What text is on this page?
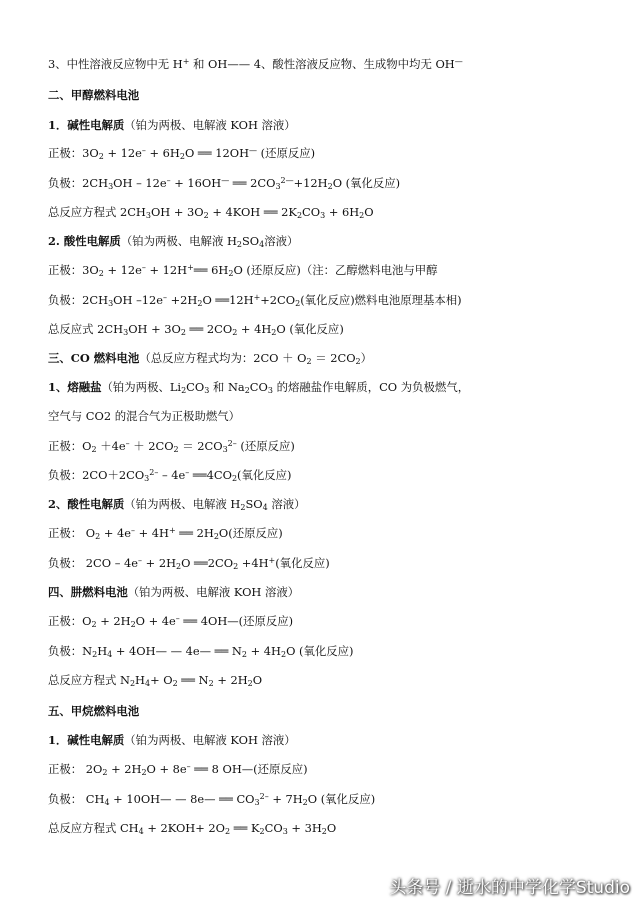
3、中性溶液反应物中无 H+ 和 OH—— 4、酸性溶液反应物、生成物中均无 OH—
二、甲醇燃料电池
1．碱性电解质（铂为两极、电解液 KOH 溶液）
正极：$3O_2 + 12e^- + 6H_2O$ ══ 12OH— (还原反应)
负极：$2CH_3OH - 12e^- + 16OH^—$ ══ $2CO_3^{2—}+12H_2O$ (氧化反应)
总反应方程式 $2CH_3OH + 3O_2 + 4KOH$ ══ $2K_2CO_3 + 6H_2O$
2. 酸性电解质（铂为两极、电解液 $H_2SO_4$溶液）
正极：$3O_2 + 12e^-$ + 12H+══ $6H_2O$ (还原反应)（注：乙醇燃料电池与甲醇
负极：$2CH_3OH$ $-12e^- +2H_2O$ $══12H^++2CO_2$(氧化反应)燃料电池原理基本相)
总反应式 $2CH_3OH + 3O_2$ ══ $2CO_2 + 4H_2O$ (氧化反应)
三、CO 燃料电池（总反应方程式均为：$2CO + O_2 = 2CO_2$）
1、熔融盐（铂为两极、$Li_2CO_3$ 和 $Na_2CO_3$ 的熔融盐作电解质，CO 为负极燃气，
空气与 CO2 的混合气为正极助燃气）
正极：$O_2 +4e^- + 2CO_2 = 2CO_3^{2-}$ (还原反应)
负极：$2CO+2CO_3^{2-} - 4e^-$ $══4CO_2$(氧化反应)
2、酸性电解质（铂为两极、电解液 $H_2SO_4$ 溶液）
正极： $O_2 + 4e^- + 4H^+$ ══ $2H_2O$(还原反应)
负极： $2CO - 4e^- + 2H_2O$ $══2CO_2 +4H^+$(氧化反应)
四、肼燃料电池（铂为两极、电解液 KOH 溶液）
正极：$O_2 + 2H_2O + 4e^-$ ══ 4OH—(还原反应)
负极：$N_2H_4$ + 4OH— — 4e— ══ $N_2 + 4H_2O$ (氧化反应)
总反应方程式 $N_2H_4+ O_2$ ══ $N_2 + 2H_2O$
五、甲烷燃料电池
1．碱性电解质（铂为两极、电解液 KOH 溶液）
正极： $2O_2 + 2H_2O + 8e^-$ ══ 8 OH—(还原反应)
负极： $CH_4$ + 10OH— — 8e— ══ $CO_3^{2-} + 7H_2O$ (氧化反应)
总反应方程式 $CH_4 + 2KOH+ 2O_2$ ══ $K_2CO_3 + 3H_2O$
头条号 / 逝水的中学化学Studio
